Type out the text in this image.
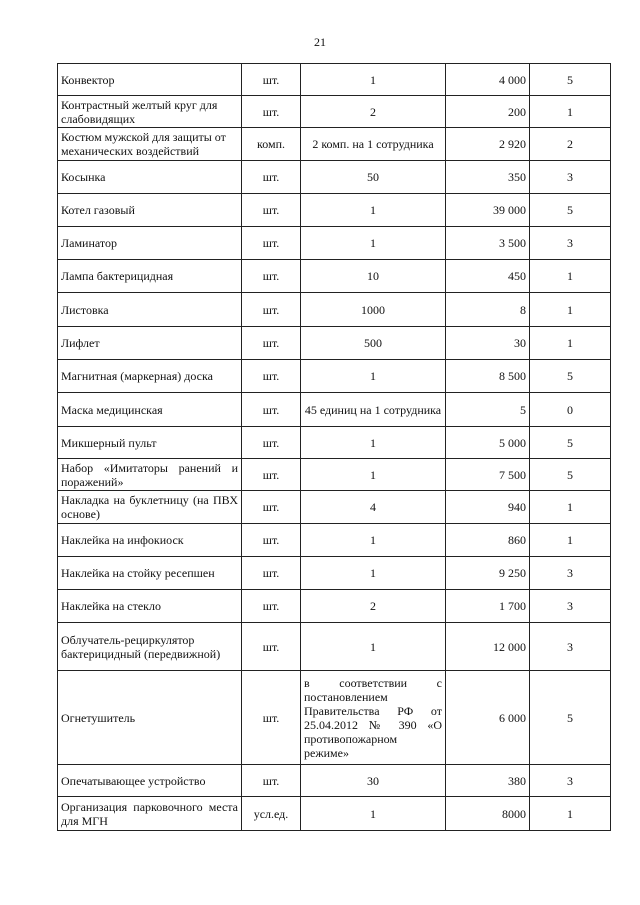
21
Конвектор	шт.	1	4 000	5
Контрастный желтый круг для слабовидящих	шт.	2	200	1
Костюм мужской для защиты от механических воздействий	комп.	2 комп. на 1 сотрудника	2 920	2
Косынка	шт.	50	350	3
Котел газовый	шт.	1	39 000	5
Ламинатор	шт.	1	3 500	3
Лампа бактерицидная	шт.	10	450	1
Листовка	шт.	1000	8	1
Лифлет	шт.	500	30	1
Магнитная (маркерная) доска	шт.	1	8 500	5
Маска медицинская	шт.	45 единиц на 1 сотрудника	5	0
Микшерный пульт	шт.	1	5 000	5
Набор «Имитаторы ранений и поражений»	шт.	1	7 500	5
Накладка на буклетницу (на ПВХ основе)	шт.	4	940	1
Наклейка на инфокиоск	шт.	1	860	1
Наклейка на стойку ресепшен	шт.	1	9 250	3
Наклейка на стекло	шт.	2	1 700	3
Облучатель-рециркулятор бактерицидный (передвижной)	шт.	1	12 000	3
Огнетушитель	шт.	в соответствии с постановлением Правительства РФ от 25.04.2012 № 390 «О противопожарном режиме»	6 000	5
Опечатывающее устройство	шт.	30	380	3
Организация парковочного места для МГН	усл.ед.	1	8000	1
